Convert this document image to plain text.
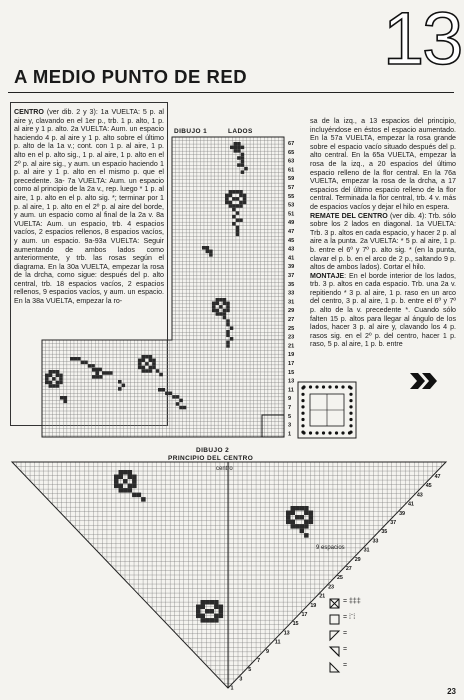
13
A MEDIO PUNTO DE RED
CENTRO (ver dib. 2 y 3): 1a VUELTA: 5 p. al aire y, clavando en el 1er p., trb. 1 p. alto, 1 p. al aire y 1 p. alto. 2a VUELTA: Aum. un espacio haciendo 4 p. al aire y 1 p. alto sobre el último p. alto de la 1a v.; cont. con 1 p. al aire, 1 p. alto en el p. alto sig., 1 p. al aire, 1 p. alto en el 2º p. al aire sig., y aum. un espacio haciendo 1 p. al aire y 1 p. alto en el mismo p. que el precedente. 3a- 7a VUELTA: Aum. un espacio como al principio de la 2a v., rep. luego * 1 p. al aire, 1 p. alto en el p. alto sig. *; terminar por 1 p. al aire, 1 p. alto en el 2º p. al aire del borde, y aum. un espacio como al final de la 2a v. 8a VUELTA: Aum. un espacio, trb. 4 espacios vacíos, 2 espacios rellenos, 8 espacios vacíos, y aum. un espacio. 9a-93a VUELTA: Seguir aumentando de ambos lados como anteriormente, y trb. las rosas según el diagrama. En la 30a VUELTA, empezar la rosa de la drcha, como sigue: después del p. alto central, trb. 18 espacios vacíos, 2 espacios rellenos, 9 espacios vacíos, y aum. un espacio. En la 38a VUELTA, empezar la ro-
sa de la izq., a 13 espacios del principio, incluyéndose en éstos el espacio aumentado. En la 57a VUELTA, empezar la rosa grande sobre el espacio vacío situado después del p. alto central. En la 65a VUELTA, empezar la rosa de la izq., a 20 espacios del último espacio relleno de la flor central. En la 76a VUELTA, empezar la rosa de la drcha, a 17 espacios del último espacio relleno de la flor central. Terminada la flor central, trb. 4 v. más de espacios vacíos y dejar el hilo en espera.
REMATE DEL CENTRO (ver dib. 4): Trb. sólo sobre los 2 lados en diagonal. 1a VUELTA: Trb. 3 p. altos en cada espacio, y hacer 2 p. al aire a la punta. 2a VUELTA: * 5 p. al aire, 1 p. b. entre el 6º y 7º p. alto sig. * (en la punta, clavar el p. b. en el arco de 2 p., saltando 9 p. altos de ambos lados). Cortar el hilo.
MONTAJE: En el borde interior de los lados, trb. 3 p. altos en cada espacio. Trb. una 2a v. repitiendo * 3 p. al aire, 1 p. raso en un arco del centro, 3 p. al aire, 1 p. b. entre el 6º y 7º p. alto de la v. precedente *. Cuando sólo falten 15 p. altos para llegar al ángulo de los lados, hacer 3 p. al aire y, clavando los 4 p. rasos sig. en el 2º p. del centro, hacer 1 p. raso, 5 p. al aire, 1 p. b. entre
DIBUJO 1	LADOS
67
65
63
61
59
57
55
53
51
49
47
45
43
41
39
37
35
33
31
29
27
25
23
21
19
17
15
13
11
9
7
5
3
1
DIBUJO 2
PRINCIPIO DEL CENTRO
47
45
43
41
39
37
35
33
31
29
27
25
23
21
19
17
15
13
11
9
7
5
3
1
centro
9 espacios
= ‡‡‡
= ⁞¨⁞
=
=
=
23
